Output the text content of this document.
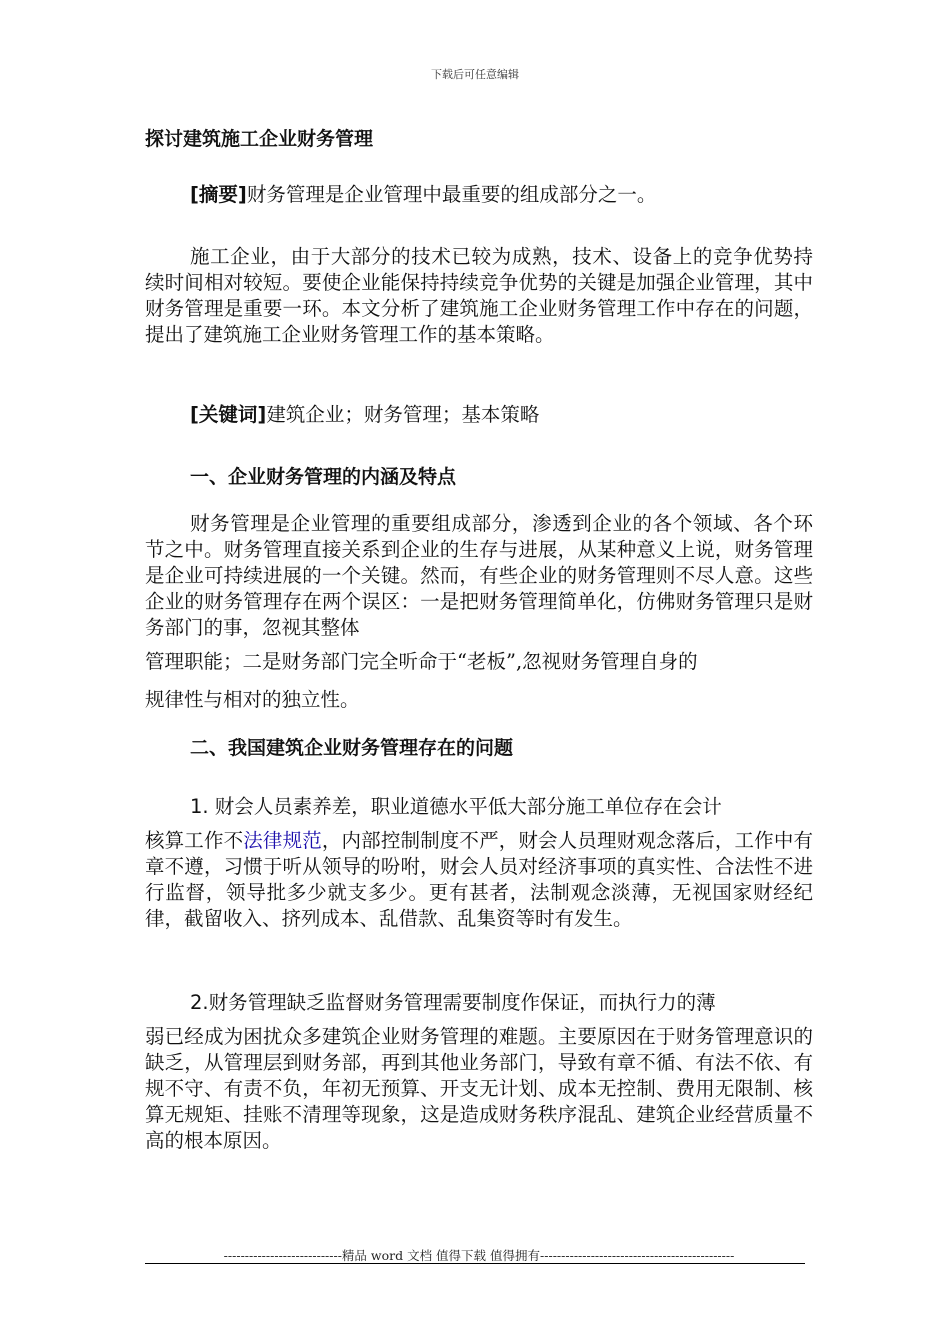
下载后可任意编辑
探讨建筑施工企业财务管理

[摘要]财务管理是企业管理中最重要的组成部分之一。

施工企业，由于大部分的技术已较为成熟，技术、设备上的竞争优势持续时间相对较短。要使企业能保持持续竞争优势的关键是加强企业管理，其中财务管理是重要一环。本文分析了建筑施工企业财务管理工作中存在的问题，提出了建筑施工企业财务管理工作的基本策略。

[关键词]建筑企业；财务管理；基本策略

一、企业财务管理的内涵及特点

财务管理是企业管理的重要组成部分，渗透到企业的各个领域、各个环节之中。财务管理直接关系到企业的生存与进展，从某种意义上说，财务管理是企业可持续进展的一个关键。然而，有些企业的财务管理则不尽人意。这些企业的财务管理存在两个误区：一是把财务管理简单化，仿佛财务管理只是财务部门的事，忽视其整体

管理职能；二是财务部门完全听命于“老板”,忽视财务管理自身的
规律性与相对的独立性。
二、我国建筑企业财务管理存在的问题
1. 财会人员素养差，职业道德水平低大部分施工单位存在会计

核算工作不法律规范，内部控制制度不严，财会人员理财观念落后，工作中有章不遵，习惯于听从领导的吩咐，财会人员对经济事项的真实性、合法性不进行监督，领导批多少就支多少。更有甚者，法制观念淡薄，无视国家财经纪律，截留收入、挤列成本、乱借款、乱集资等时有发生。

2.财务管理缺乏监督财务管理需要制度作保证，而执行力的薄

弱已经成为困扰众多建筑企业财务管理的难题。主要原因在于财务管理意识的缺乏，从管理层到财务部，再到其他业务部门，导致有章不循、有法不依、有规不守、有责不负，年初无预算、开支无计划、成本无控制、费用无限制、核算无规矩、挂账不清理等现象，这是造成财务秩序混乱、建筑企业经营质量不高的根本原因。

----------------------------精品 word 文档 值得下载 值得拥有----------------------------------------------
